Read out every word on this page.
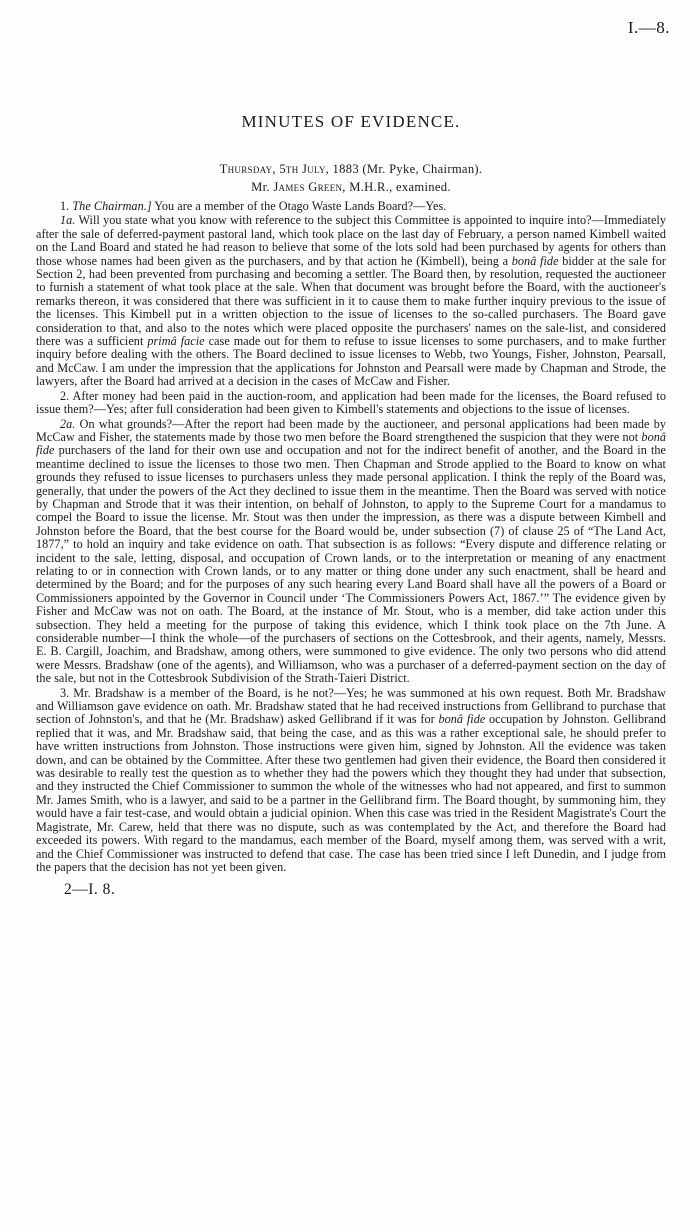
I.—8.
MINUTES OF EVIDENCE.
Thursday, 5th July, 1883 (Mr. Pyke, Chairman).
Mr. James Green, M.H.R., examined.

1. The Chairman.] You are a member of the Otago Waste Lands Board?—Yes.

1a. Will you state what you know with reference to the subject this Committee is appointed to inquire into?—Immediately after the sale of deferred-payment pastoral land, which took place on the last day of February, a person named Kimbell waited on the Land Board and stated he had reason to believe that some of the lots sold had been purchased by agents for others than those whose names had been given as the purchasers, and by that action he (Kimbell), being a bonâ fide bidder at the sale for Section 2, had been prevented from purchasing and becoming a settler. The Board then, by resolution, requested the auctioneer to furnish a statement of what took place at the sale. When that document was brought before the Board, with the auctioneer's remarks thereon, it was considered that there was sufficient in it to cause them to make further inquiry previous to the issue of the licenses. This Kimbell put in a written objection to the issue of licenses to the so-called purchasers. The Board gave consideration to that, and also to the notes which were placed opposite the purchasers' names on the sale-list, and considered there was a sufficient primâ facie case made out for them to refuse to issue licenses to some purchasers, and to make further inquiry before dealing with the others. The Board declined to issue licenses to Webb, two Youngs, Fisher, Johnston, Pearsall, and McCaw. I am under the impression that the applications for Johnston and Pearsall were made by Chapman and Strode, the lawyers, after the Board had arrived at a decision in the cases of McCaw and Fisher.

2. After money had been paid in the auction-room, and application had been made for the licenses, the Board refused to issue them?—Yes; after full consideration had been given to Kimbell's statements and objections to the issue of licenses.

2a. On what grounds?—After the report had been made by the auctioneer, and personal applications had been made by McCaw and Fisher, the statements made by those two men before the Board strengthened the suspicion that they were not bonâ fide purchasers of the land for their own use and occupation and not for the indirect benefit of another, and the Board in the meantime declined to issue the licenses to those two men. Then Chapman and Strode applied to the Board to know on what grounds they refused to issue licenses to purchasers unless they made personal application. I think the reply of the Board was, generally, that under the powers of the Act they declined to issue them in the meantime. Then the Board was served with notice by Chapman and Strode that it was their intention, on behalf of Johnston, to apply to the Supreme Court for a mandamus to compel the Board to issue the license. Mr. Stout was then under the impression, as there was a dispute between Kimbell and Johnston before the Board, that the best course for the Board would be, under subsection (7) of clause 25 of “The Land Act, 1877,” to hold an inquiry and take evidence on oath. That subsection is as follows: “Every dispute and difference relating or incident to the sale, letting, disposal, and occupation of Crown lands, or to the interpretation or meaning of any enactment relating to or in connection with Crown lands, or to any matter or thing done under any such enactment, shall be heard and determined by the Board; and for the purposes of any such hearing every Land Board shall have all the powers of a Board or Commissioners appointed by the Governor in Council under ‘The Commissioners Powers Act, 1867.’” The evidence given by Fisher and McCaw was not on oath. The Board, at the instance of Mr. Stout, who is a member, did take action under this subsection. They held a meeting for the purpose of taking this evidence, which I think took place on the 7th June. A considerable number—I think the whole—of the purchasers of sections on the Cottesbrook, and their agents, namely, Messrs. E. B. Cargill, Joachim, and Bradshaw, among others, were summoned to give evidence. The only two persons who did attend were Messrs. Bradshaw (one of the agents), and Williamson, who was a purchaser of a deferred-payment section on the day of the sale, but not in the Cottesbrook Subdivision of the Strath-Taieri District.

3. Mr. Bradshaw is a member of the Board, is he not?—Yes; he was summoned at his own request. Both Mr. Bradshaw and Williamson gave evidence on oath. Mr. Bradshaw stated that he had received instructions from Gellibrand to purchase that section of Johnston's, and that he (Mr. Bradshaw) asked Gellibrand if it was for bonâ fide occupation by Johnston. Gellibrand replied that it was, and Mr. Bradshaw said, that being the case, and as this was a rather exceptional sale, he should prefer to have written instructions from Johnston. Those instructions were given him, signed by Johnston. All the evidence was taken down, and can be obtained by the Committee. After these two gentlemen had given their evidence, the Board then considered it was desirable to really test the question as to whether they had the powers which they thought they had under that subsection, and they instructed the Chief Commissioner to summon the whole of the witnesses who had not appeared, and first to summon Mr. James Smith, who is a lawyer, and said to be a partner in the Gellibrand firm. The Board thought, by summoning him, they would have a fair test-case, and would obtain a judicial opinion. When this case was tried in the Resident Magistrate's Court the Magistrate, Mr. Carew, held that there was no dispute, such as was contemplated by the Act, and therefore the Board had exceeded its powers. With regard to the mandamus, each member of the Board, myself among them, was served with a writ, and the Chief Commissioner was instructed to defend that case. The case has been tried since I left Dunedin, and I judge from the papers that the decision has not yet been given.

2—I. 8.
